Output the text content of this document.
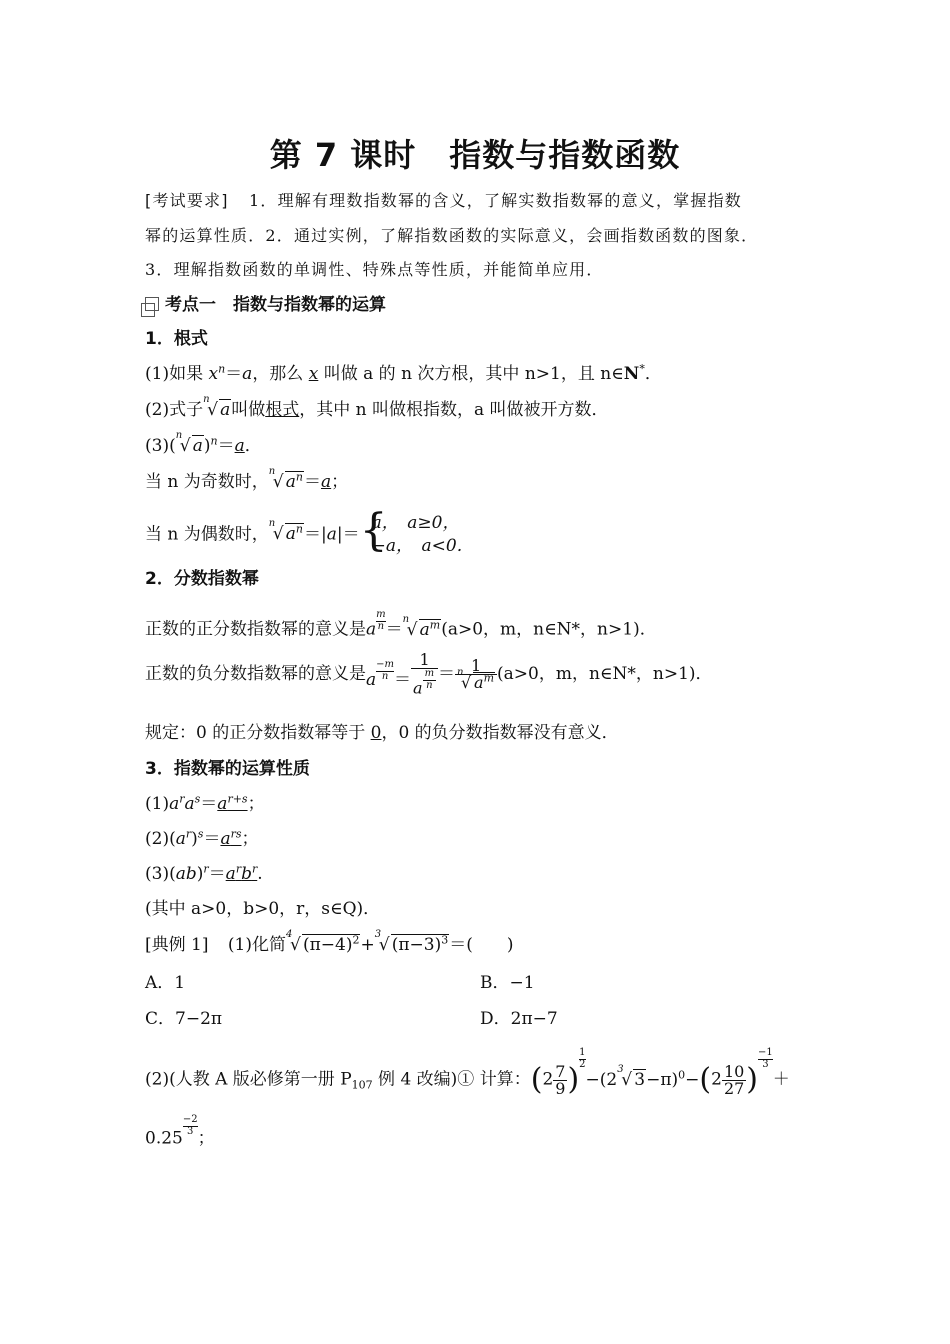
第 7 课时　指数与指数函数
[考试要求] 1．理解有理数指数幂的含义，了解实数指数幂的意义，掌握指数
幂的运算性质．2．通过实例，了解指数函数的实际意义，会画指数函数的图象．
3．理解指数函数的单调性、特殊点等性质，并能简单应用．
考点一　指数与指数幂的运算
1．根式
(1)如果 $x^n=a$，那么 x 叫做 a 的 n 次方根，其中 n>1，且 n∈N*．
(2)式子
n
√ a叫做根式，其中 n 叫做根指数，a 叫做被开方数．
(3)(
n
√ a)$^n$＝a．
当 n 为奇数时，
n
√ $a^n=a$；
当 n 为偶数时，
n
√ $a^n=|a|=$ {
a，　a≥0，
−a，　a<0．
2．分数指数幂
正数的正分数指数幂的意义是a $\frac{m}{n}=$
n
√ $a^m(a>0$，m，n∈N*，n>1)．
正数的负分数指数幂的意义是a $\frac{-m}{n}= \frac{1}{a \frac{m}{n}} = 1$
n
√ $a^m$ (a>0，m，n∈N*，n>1)．
规定：0 的正分数指数幂等于 0，0 的负分数指数幂没有意义．
3．指数幂的运算性质
$(1)a^ra^s=a^{r+s}$；
$(2)(a^r)^s=a^{rs}$；
$(3)(ab)^r=a^rb^r$.
(其中 a>0，b>0，r，s∈Q)．
[典例 1] (1)化简
4
√ $(\pi-4)^2+$
3
√ $(\pi-3)^3=$(　　)
A．1	B．−1
C．7−2π	D．2π−7
(2)(人教 A 版必修第一册 $P_{107}$ 例 4 改编)① 计算：($2 \frac{7}{9}$ )
$\frac{1}{2}-(2$
3
√ $3-\pi)^0-(2 \frac{10}{27}$ )
$\frac{-1}{3}+$
0.25
$\frac{-2}{3}$；
